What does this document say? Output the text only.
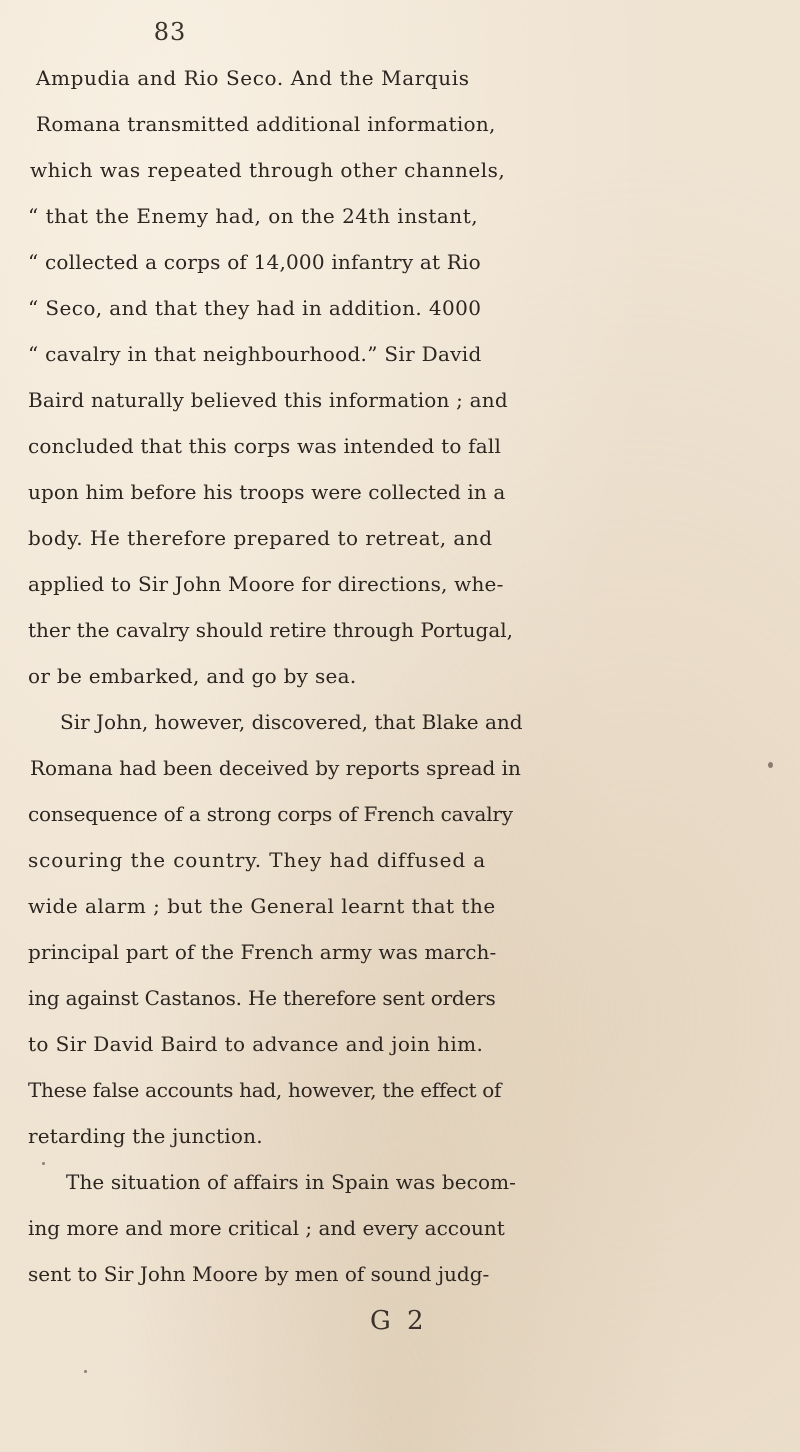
83
Ampudia and Rio Seco. And the Marquis
Romana transmitted additional information,
which was repeated through other channels,
“ that the Enemy had, on the 24th instant,
“ collected a corps of 14,000 infantry at Rio
“ Seco, and that they had in addition. 4000
“ cavalry in that neighbourhood.” Sir David
Baird naturally believed this information ; and
concluded that this corps was intended to fall
upon him before his troops were collected in a
body. He therefore prepared to retreat, and
applied to Sir John Moore for directions, whe-
ther the cavalry should retire through Portugal,
or be embarked, and go by sea.
Sir John, however, discovered, that Blake and
Romana had been deceived by reports spread in
consequence of a strong corps of French cavalry
scouring the country. They had diffused a
wide alarm ; but the General learnt that the
principal part of the French army was march-
ing against Castanos. He therefore sent orders
to Sir David Baird to advance and join him.
These false accounts had, however, the effect of
retarding the junction.
The situation of affairs in Spain was becom-
ing more and more critical ; and every account
sent to Sir John Moore by men of sound judg-
G 2
